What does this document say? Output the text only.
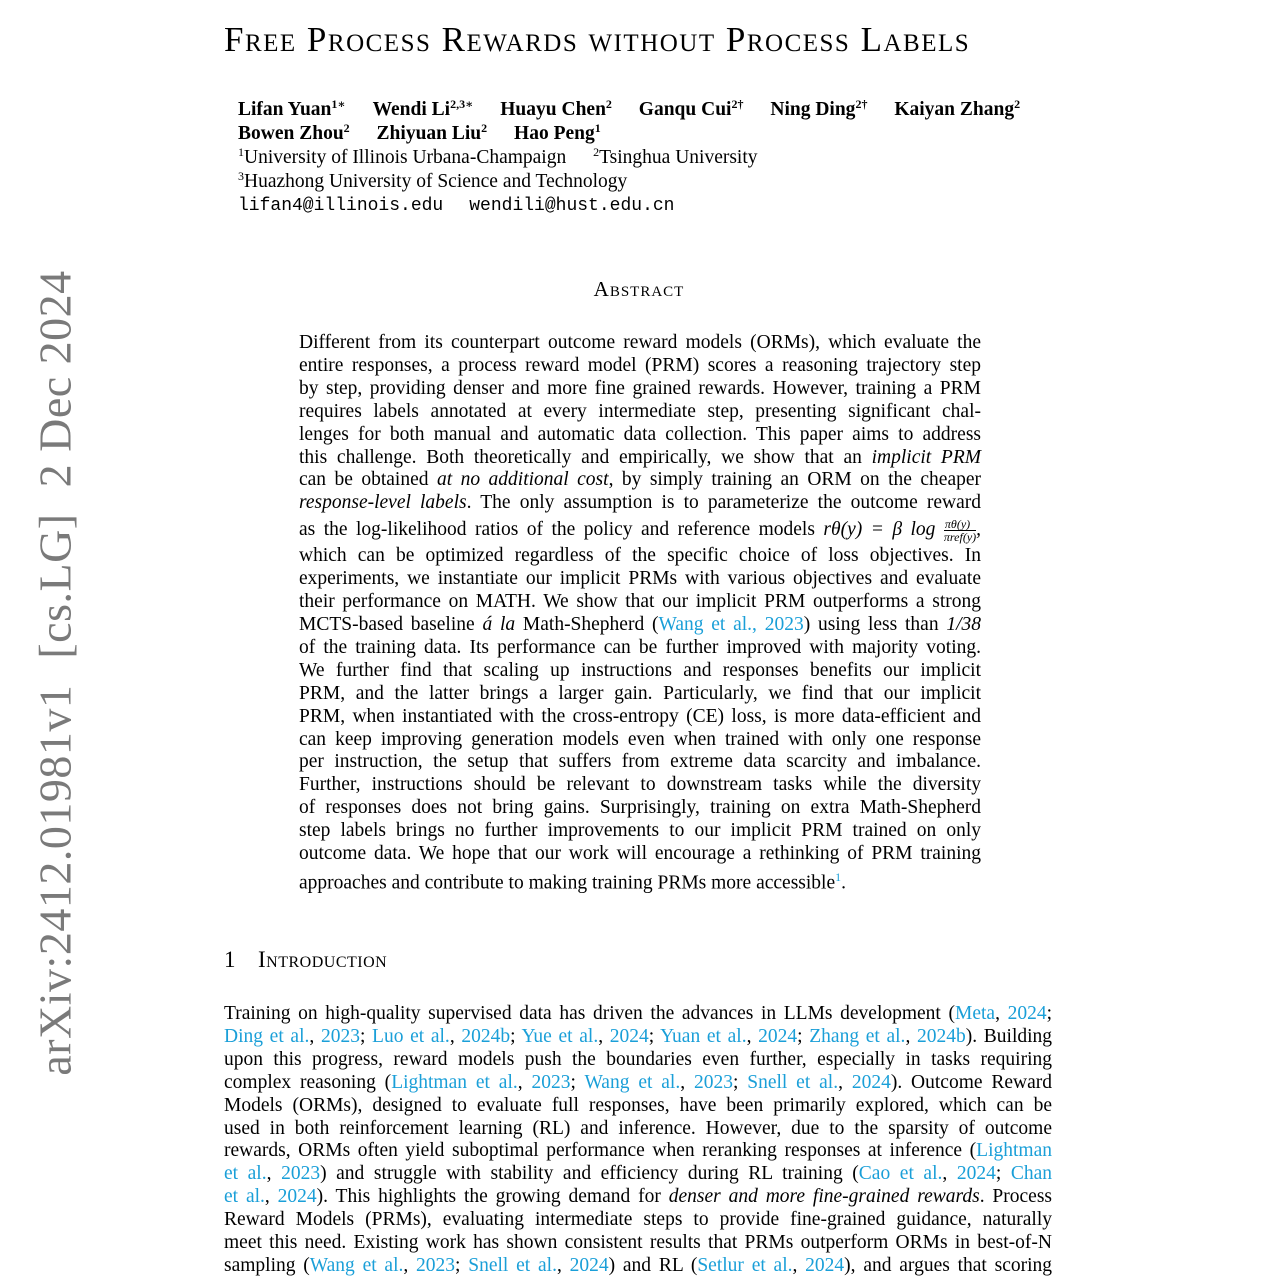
arXiv:2412.01981v1[cs.LG]2 Dec 2024
Free Process Rewards without Process Labels
Lifan Yuan$^{1∗}$ Wendi $Li^{2,3∗}$ Huayu Chen$^2$ Ganqu Cui$^{2\dagger}$ Ning Ding$^{2\dagger}$ Kaiyan Zhang$^2$
Bowen Zhou$^2$ Zhiyuan Liu$^2$ Hao Peng$^1$
$^1$University of Illinois Urbana-Champaign $^2$Tsinghua University
$^3$Huazhong University of Science and Technology
lifan4@illinois.edu wendili@hust.edu.cn
Abstract
Different from its counterpart outcome reward models (ORMs), which evaluate the
entire responses, a process reward model (PRM) scores a reasoning trajectory step
by step, providing denser and more fine grained rewards. However, training a PRM
requires labels annotated at every intermediate step, presenting significant chal-
lenges for both manual and automatic data collection. This paper aims to address
this challenge. Both theoretically and empirically, we show that an implicit PRM
can be obtained at no additional cost, by simply training an ORM on the cheaper
response-level labels. The only assumption is to parameterize the outcome reward
as the log-likelihood ratios of the policy and reference models rθ(y) = β $\log \frac{\pi\theta(y)}{\text{πref(y)}}$ ,
which can be optimized regardless of the specific choice of loss objectives. In
experiments, we instantiate our implicit PRMs with various objectives and evaluate
their performance on MATH. We show that our implicit PRM outperforms a strong
MCTS-based baseline á la Math-Shepherd (Wang et al., 2023) using less than 1/38
of the training data. Its performance can be further improved with majority voting.
We further find that scaling up instructions and responses benefits our implicit
PRM, and the latter brings a larger gain. Particularly, we find that our implicit
PRM, when instantiated with the cross-entropy (CE) loss, is more data-efficient and
can keep improving generation models even when trained with only one response
per instruction, the setup that suffers from extreme data scarcity and imbalance.
Further, instructions should be relevant to downstream tasks while the diversity
of responses does not bring gains. Surprisingly, training on extra Math-Shepherd
step labels brings no further improvements to our implicit PRM trained on only
outcome data. We hope that our work will encourage a rethinking of PRM training
approaches and contribute to making training PRMs more accessible$^1$.
1 Introduction
Training on high-quality supervised data has driven the advances in LLMs development (Meta, 2024;
Ding et al., 2023; Luo et al., 2024b; Yue et al., 2024; Yuan et al., 2024; Zhang et al., 2024b). Building
upon this progress, reward models push the boundaries even further, especially in tasks requiring
complex reasoning (Lightman et al., 2023; Wang et al., 2023; Snell et al., 2024). Outcome Reward
Models (ORMs), designed to evaluate full responses, have been primarily explored, which can be
used in both reinforcement learning (RL) and inference. However, due to the sparsity of outcome
rewards, ORMs often yield suboptimal performance when reranking responses at inference (Lightman
et al., 2023) and struggle with stability and efficiency during RL training (Cao et al., 2024; Chan
et al., 2024). This highlights the growing demand for denser and more fine-grained rewards. Process
Reward Models (PRMs), evaluating intermediate steps to provide fine-grained guidance, naturally
meet this need. Existing work has shown consistent results that PRMs outperform ORMs in best-of-N
sampling (Wang et al., 2023; Snell et al., 2024) and RL (Setlur et al., 2024), and argues that scoring
